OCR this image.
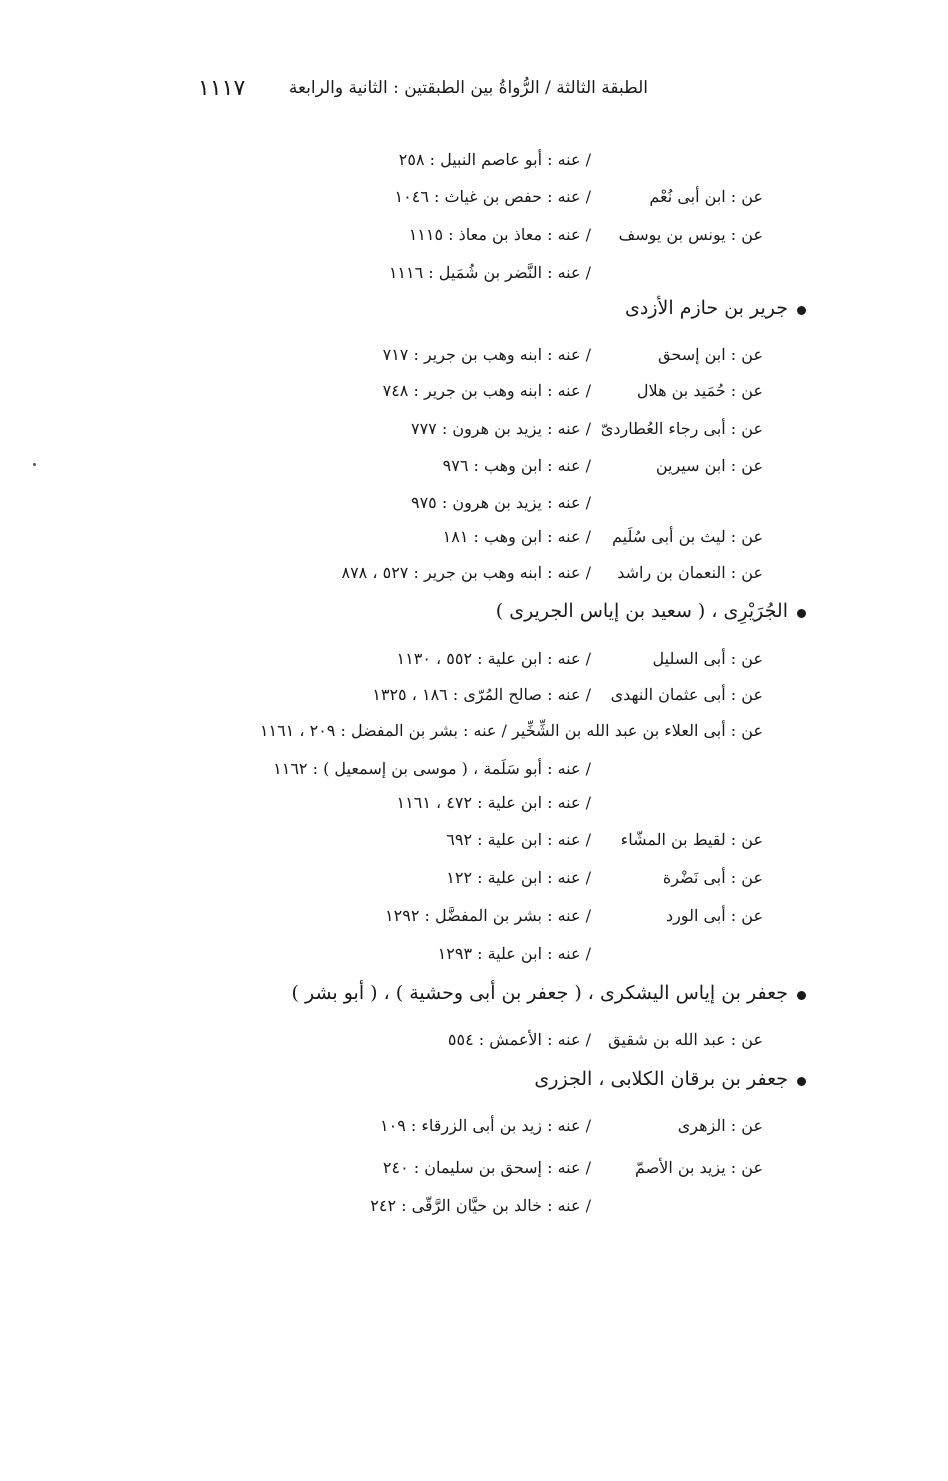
الطبقة الثالثة / الرُّواةُ بين الطبقتين : الثانية والرابعة
١١١٧
/ عنه : أبو عاصم النبيل : ٢٥٨
عن : ابن أبى نُعْم
/ عنه : حفص بن غياث : ١٠٤٦
عن : يونس بن يوسف
/ عنه : معاذ بن معاذ : ١١١٥
/ عنه : النَّضر بن شُمَيل : ١١١٦
جرير بن حازم الأزدى
عن : ابن إسحق
/ عنه : ابنه وهب بن جرير : ٧١٧
عن : حُمَيد بن هلال
/ عنه : ابنه وهب بن جرير : ٧٤٨
عن : أبى رجاء العُطاردىّ
/ عنه : يزيد بن هرون : ٧٧٧
عن : ابن سيرين
/ عنه : ابن وهب : ٩٧٦
/ عنه : يزيد بن هرون : ٩٧٥
عن : ليث بن أبى سُلَيم
/ عنه : ابن وهب : ١٨١
عن : النعمان بن راشد
/ عنه : ابنه وهب بن جرير : ٥٢٧ ، ٨٧٨
الجُرَيْرِى ، ( سعيد بن إياس الجريرى )
عن : أبى السليل
/ عنه : ابن علية : ٥٥٢ ، ١١٣٠
عن : أبى عثمان النهدى
/ عنه : صالح المُرّى : ١٨٦ ، ١٣٢٥
عن : أبى العلاء بن عبد الله بن الشِّخِّير / عنه : بشر بن المفضل : ٢٠٩ ، ١١٦١
/ عنه : أبو سَلَمة ، ( موسى بن إسمعيل ) : ١١٦٢
/ عنه : ابن علية : ٤٧٢ ، ١١٦١
عن : لقيط بن المشّاء
/ عنه : ابن علية : ٦٩٢
عن : أبى نَضْرة
/ عنه : ابن علية : ١٢٢
عن : أبى الورد
/ عنه : بشر بن المفضَّل : ١٢٩٢
/ عنه : ابن علية : ١٢٩٣
جعفر بن إياس اليشكرى ، ( جعفر بن أبى وحشية ) ، ( أبو بشر )
عن : عبد الله بن شقيق
/ عنه : الأعمش : ٥٥٤
جعفر بن برقان الكلابى ، الجزرى
عن : الزهرى
/ عنه : زيد بن أبى الزرقاء : ١٠٩
عن : يزيد بن الأصمّ
/ عنه : إسحق بن سليمان : ٢٤٠
/ عنه : خالد بن حيَّان الرَّقّى : ٢٤٢
